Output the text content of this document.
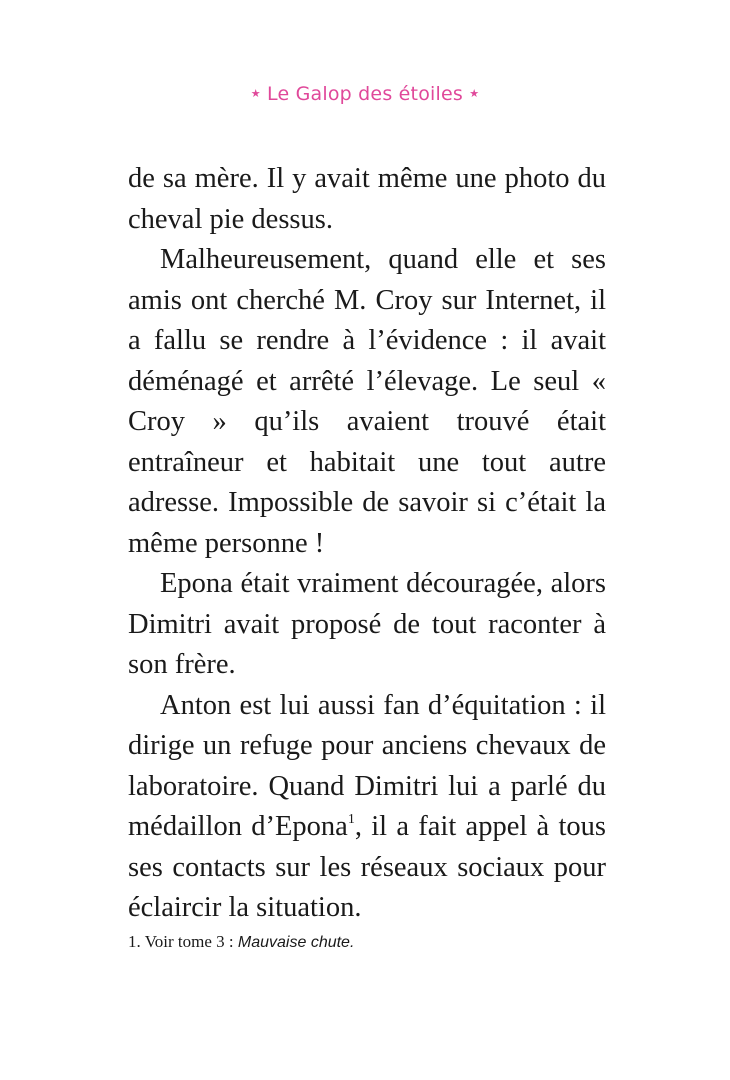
★ Le Galop des étoiles ★

de sa mère. Il y avait même une photo du cheval pie dessus.

Malheureusement, quand elle et ses amis ont cherché M. Croy sur Internet, il a fallu se rendre à l’évidence : il avait déménagé et arrêté l’élevage. Le seul « Croy » qu’ils avaient trouvé était entraîneur et habitait une tout autre adresse. Impossible de savoir si c’était la même personne !

Epona était vraiment découragée, alors Dimitri avait proposé de tout raconter à son frère.

Anton est lui aussi fan d’équitation : il dirige un refuge pour anciens chevaux de laboratoire. Quand Dimitri lui a parlé du médaillon d’Epona$^1$, il a fait appel à tous ses contacts sur les réseaux sociaux pour éclaircir la situation.

1. Voir tome 3 : Mauvaise chute.
